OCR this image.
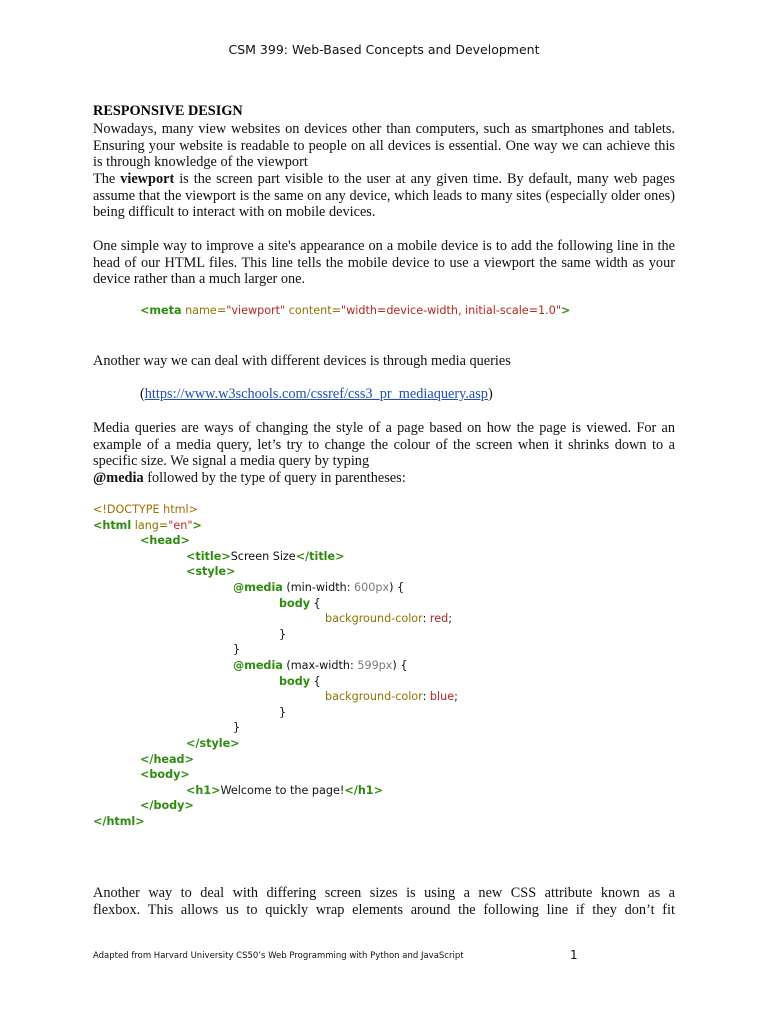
CSM 399: Web-Based Concepts and Development
RESPONSIVE DESIGN
Nowadays, many view websites on devices other than computers, such as smartphones and tablets. Ensuring your website is readable to people on all devices is essential. One way we can achieve this is through knowledge of the viewport
The viewport is the screen part visible to the user at any given time. By default, many web pages assume that the viewport is the same on any device, which leads to many sites (especially older ones) being difficult to interact with on mobile devices.
One simple way to improve a site's appearance on a mobile device is to add the following line in the head of our HTML files. This line tells the mobile device to use a viewport the same width as your device rather than a much larger one.
<meta name="viewport" content="width=device-width, initial-scale=1.0">
Another way we can deal with different devices is through media queries
(https://www.w3schools.com/cssref/css3_pr_mediaquery.asp)
Media queries are ways of changing the style of a page based on how the page is viewed. For an example of a media query, let’s try to change the colour of the screen when it shrinks down to a specific size. We signal a media query by typing
@media followed by the type of query in parentheses:
<!DOCTYPE html>
<html lang="en">
<head>
<title>Screen Size</title>
<style>
@media (min-width: 600px) {
body {
background-color: red;
}
}
@media (max-width: 599px) {
body {
background-color: blue;
}
}
</style>
</head>
<body>
<h1>Welcome to the page!</h1>
</body>
</html>
Another way to deal with differing screen sizes is using a new CSS attribute known as a
flexbox. This allows us to quickly wrap elements around the following line if they don’t fit
Adapted from Harvard University CS50’s Web Programming with Python and JavaScript	1
